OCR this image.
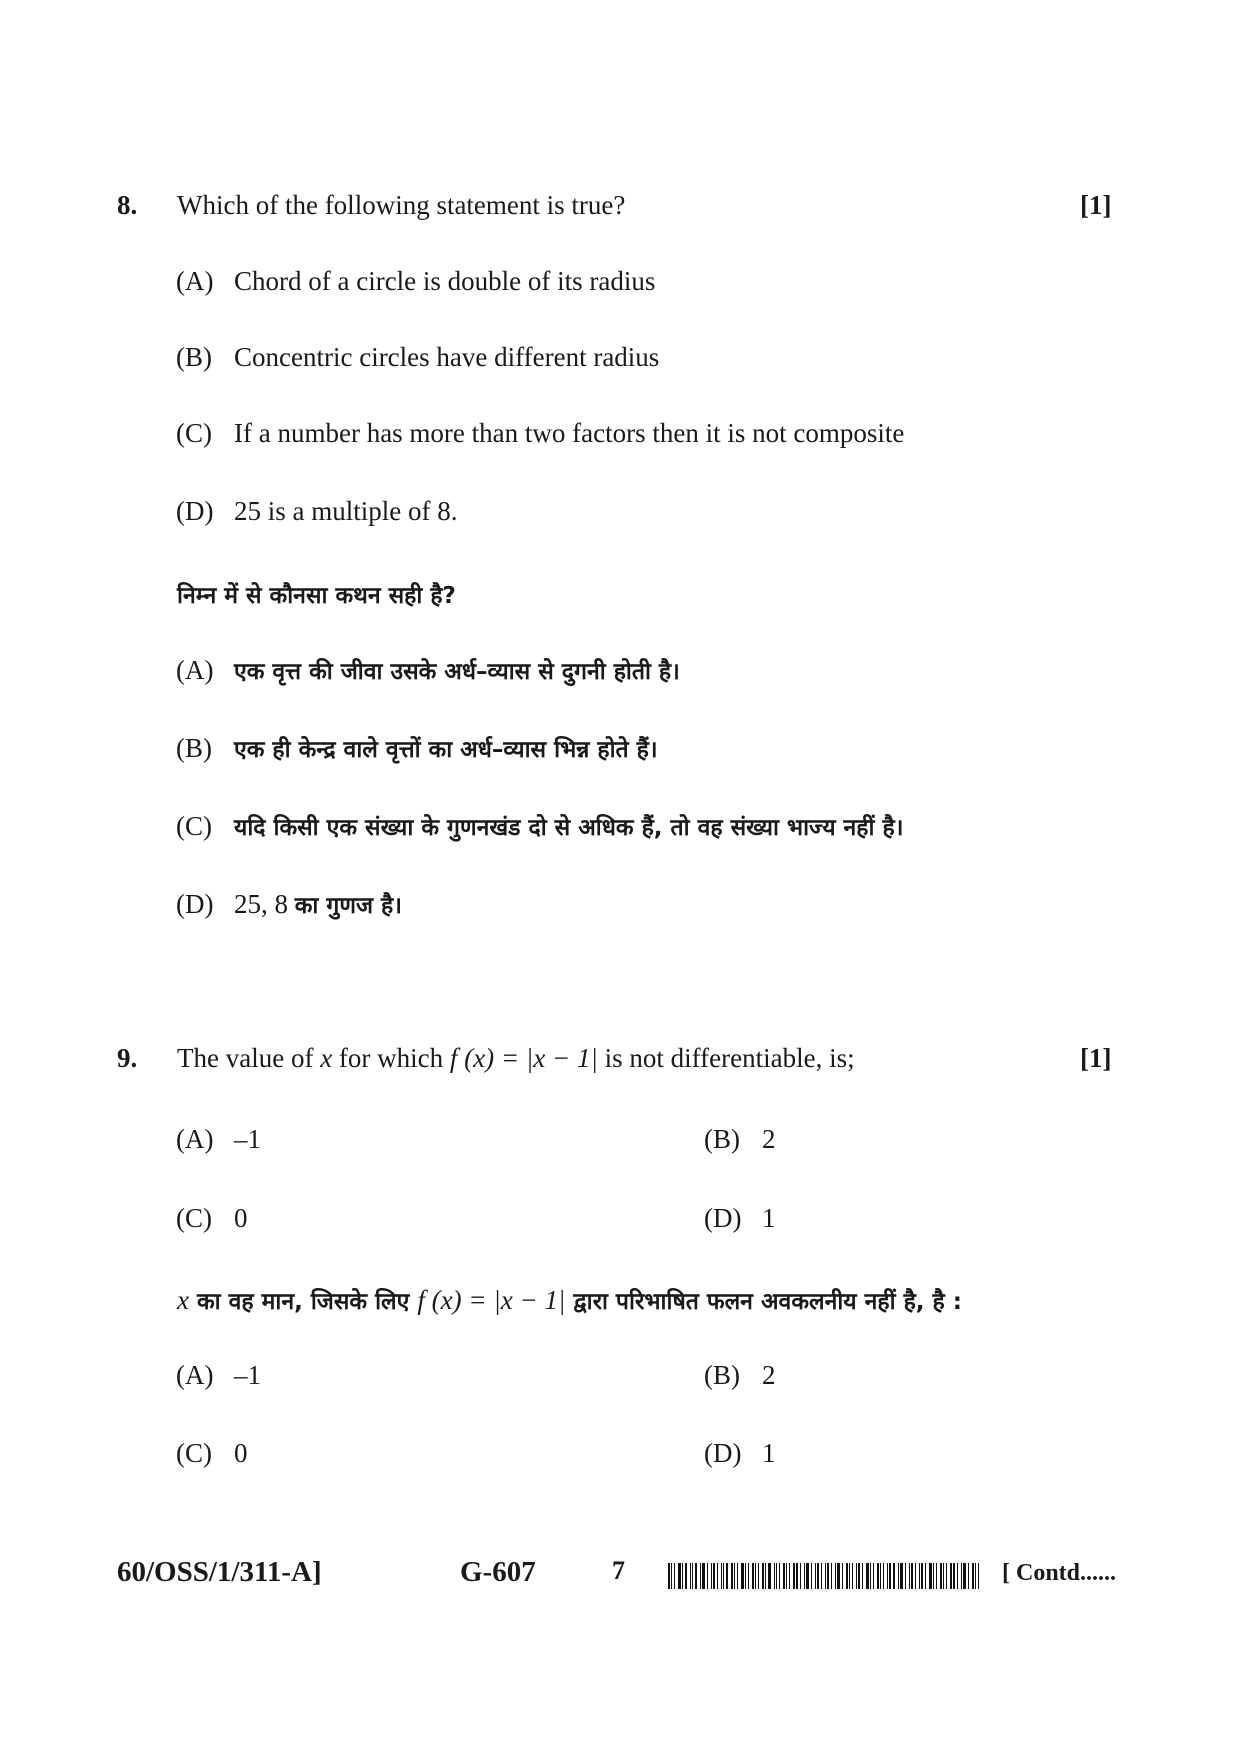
8. Which of the following statement is true?	[1]
(A) Chord of a circle is double of its radius
(B) Concentric circles have different radius
(C) If a number has more than two factors then it is not composite
(D) 25 is a multiple of 8.
निम्न में से कौनसा कथन सही है?
(A) एक वृत्त की जीवा उसके अर्ध–व्यास से दुगनी होती है।
(B) एक ही केन्द्र वाले वृत्तों का अर्ध–व्यास भिन्न होते हैं।
(C) यदि किसी एक संख्या के गुणनखंड दो से अधिक हैं, तो वह संख्या भाज्य नहीं है।
(D) 25, 8 का गुणज है।
9. The value of x for which f (x) = |x − 1| is not differentiable, is;	[1]
(A) –1	(B) 2
(C) 0	(D) 1
x का वह मान, जिसके लिए f (x) = |x − 1| द्वारा परिभाषित फलन अवकलनीय नहीं है, है :
(A) –1	(B) 2
(C) 0	(D) 1
60/OSS/1/311-A]	G-607	7	[ Contd......
